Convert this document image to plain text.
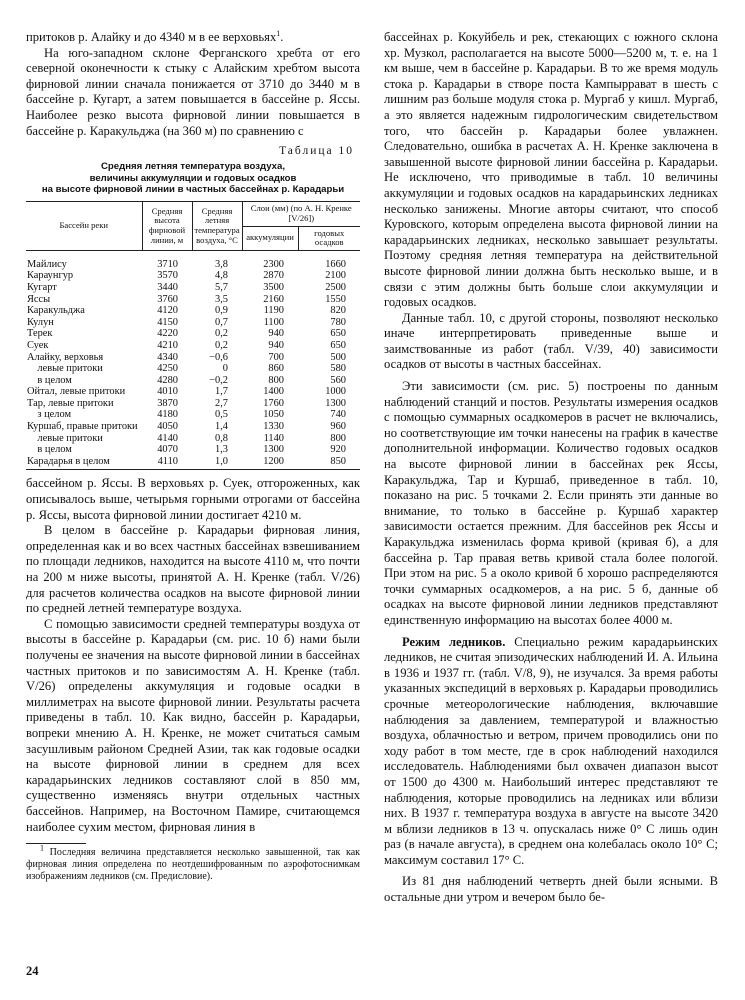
притоков р. Алайку и до 4340 м в ее верховьях$^1$.

На юго-западном склоне Ферганского хребта от его северной оконечности к стыку с Алайским хребтом высота фирновой линии сначала понижается от 3710 до 3440 м в бассейне р. Кугарт, а затем повышается в бассейне р. Яссы. Наиболее резко высота фирновой линии повышается в бассейне р. Каракульджа (на 360 м) по сравнению с

Таблица 10
Средняя летняя температура воздуха,
величины аккумуляции и годовых осадков
на высоте фирновой линии в частных бассейнах р. Карадарьи
Бассейн реки	Средняя высота фирновой линии, м	Средняя летняя температура воздуха, °С	Слои (мм) (по А. Н. Кренке [V/26])	
			аккумуляции	годовых осадков
Майлису	3710	3,8	2300	1660
Караунгур	3570	4,8	2870	2100
Кугарт	3440	5,7	3500	2500
Яссы	3760	3,5	2160	1550
Каракульджа	4120	0,9	1190	820
Кулун	4150	0,7	1100	780
Терек	4220	0,2	940	650
Суек	4210	0,2	940	650
Алайку, верховья	4340	−0,6	700	500
левые притоки	4250	0	860	580
в целом	4280	−0,2	800	560
Ойтал, левые притоки	4010	1,7	1400	1000
Тар, левые притоки	3870	2,7	1760	1300
з целом	4180	0,5	1050	740
Куршаб, правые притоки	4050	1,4	1330	960
левые притоки	4140	0,8	1140	800
в целом	4070	1,3	1300	920
Карадарья в целом	4110	1,0	1200	850

бассейном р. Яссы. В верховьях р. Суек, отгороженных, как описывалось выше, четырьмя горными отрогами от бассейна р. Яссы, высота фирновой линии достигает 4210 м.

В целом в бассейне р. Карадарьи фирновая линия, определенная как и во всех частных бассейнах взвешиванием по площади ледников, находится на высоте 4110 м, что почти на 200 м ниже высоты, принятой А. Н. Кренке (табл. V/26) для расчетов количества осадков на высоте фирновой линии по средней летней температуре воздуха.

С помощью зависимости средней температуры воздуха от высоты в бассейне р. Карадарьи (см. рис. 10 б) нами были получены ее значения на высоте фирновой линии в бассейнах частных притоков и по зависимостям А. Н. Кренке (табл. V/26) определены аккумуляция и годовые осадки в миллиметрах на высоте фирновой линии. Результаты расчета приведены в табл. 10. Как видно, бассейн р. Карадарьи, вопреки мнению А. Н. Кренке, не может считаться самым засушливым районом Средней Азии, так как годовые осадки на высоте фирновой линии в среднем для всех карадарьинских ледников составляют слой в 850 мм, существенно изменяясь внутри отдельных частных бассейнов. Например, на Восточном Памире, считающемся наиболее сухим местом, фирновая линия в

$^1$ Последняя величина представляется несколько завышенной, так как фирновая линия определена по неотдешифрованным по аэрофотоснимкам изображениям ледников (см. Предисловие).

бассейнах р. Кокуйбель и рек, стекающих с южного склона хр. Музкол, располагается на высоте 5000—5200 м, т. е. на 1 км выше, чем в бассейне р. Карадарьи. В то же время модуль стока р. Карадарьи в створе поста Кампыррават в шесть с лишним раз больше модуля стока р. Мургаб у кишл. Мургаб, а это является надежным гидрологическим свидетельством того, что бассейн р. Карадарьи более увлажнен. Следовательно, ошибка в расчетах А. Н. Кренке заключена в завышенной высоте фирновой линии бассейна р. Карадарьи. Не исключено, что приводимые в табл. 10 величины аккумуляции и годовых осадков на карадарьинских ледниках несколько занижены. Многие авторы считают, что способ Куровского, которым определена высота фирновой линии на карадарьинских ледниках, несколько завышает результаты. Поэтому средняя летняя температура на действительной высоте фирновой линии должна быть несколько выше, и в связи с этим должны быть больше слои аккумуляции и годовых осадков.

Данные табл. 10, с другой стороны, позволяют несколько иначе интерпретировать приведенные выше и заимствованные из работ (табл. V/39, 40) зависимости осадков от высоты в частных бассейнах.

Эти зависимости (см. рис. 5) построены по данным наблюдений станций и постов. Результаты измерения осадков с помощью суммарных осадкомеров в расчет не включались, но соответствующие им точки нанесены на график в качестве дополнительной информации. Количество годовых осадков на высоте фирновой линии в бассейнах рек Яссы, Каракульджа, Тар и Куршаб, приведенное в табл. 10, показано на рис. 5 точками 2. Если принять эти данные во внимание, то только в бассейне р. Куршаб характер зависимости остается прежним. Для бассейнов рек Яссы и Каракульджа изменилась форма кривой (кривая б), а для бассейна р. Тар правая ветвь кривой стала более пологой. При этом на рис. 5 а около кривой б хорошо распределяются точки суммарных осадкомеров, а на рис. 5 б, данные об осадках на высоте фирновой линии ледников представляют единственную информацию на высотах более 4000 м.

Режим ледников. Специально режим карадарьинских ледников, не считая эпизодических наблюдений И. А. Ильина в 1936 и 1937 гг. (табл. V/8, 9), не изучался. За время работы указанных экспедиций в верховьях р. Карадарьи проводились срочные метеорологические наблюдения, включавшие наблюдения за давлением, температурой и влажностью воздуха, облачностью и ветром, причем проводились они по ходу работ в том месте, где в срок наблюдений находился исследователь. Наблюдениями был охвачен диапазон высот от 1500 до 4300 м. Наибольший интерес представляют те наблюдения, которые проводились на ледниках или вблизи них. В 1937 г. температура воздуха в августе на высоте 3420 м вблизи ледников в 13 ч. опускалась ниже 0° С лишь один раз (в начале августа), в среднем она колебалась около 10° С; максимум составил 17° С.

Из 81 дня наблюдений четверть дней были ясными. В остальные дни утром и вечером было бе-

24
